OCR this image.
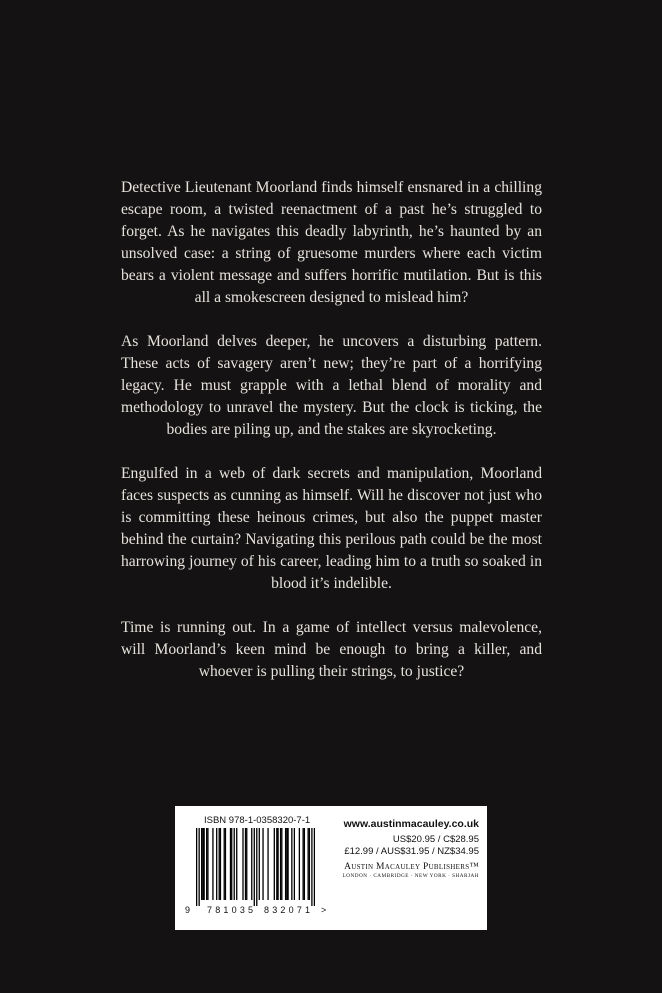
Detective Lieutenant Moorland finds himself ensnared in a chilling escape room, a twisted reenactment of a past he’s struggled to forget. As he navigates this deadly labyrinth, he’s haunted by an unsolved case: a string of gruesome murders where each victim bears a violent message and suffers horrific mutilation. But is this all a smokescreen designed to mislead him?

As Moorland delves deeper, he uncovers a disturbing pattern. These acts of savagery aren’t new; they’re part of a horrifying legacy. He must grapple with a lethal blend of morality and methodology to unravel the mystery. But the clock is ticking, the bodies are piling up, and the stakes are skyrocketing.

Engulfed in a web of dark secrets and manipulation, Moorland faces suspects as cunning as himself. Will he discover not just who is committing these heinous crimes, but also the puppet master behind the curtain? Navigating this perilous path could be the most harrowing journey of his career, leading him to a truth so soaked in blood it’s indelible.

Time is running out. In a game of intellect versus malevolence, will Moorland’s keen mind be enough to bring a killer, and whoever is pulling their strings, to justice?

ISBN 978-1-0358320-7-1
9 781035 832071 >
www.austinmacauley.co.uk
US$20.95 / C$28.95
£12.99 / AUS$31.95 / NZ$34.95
Austin Macauley Publishers™
LONDON · CAMBRIDGE · NEW YORK · SHARJAH
